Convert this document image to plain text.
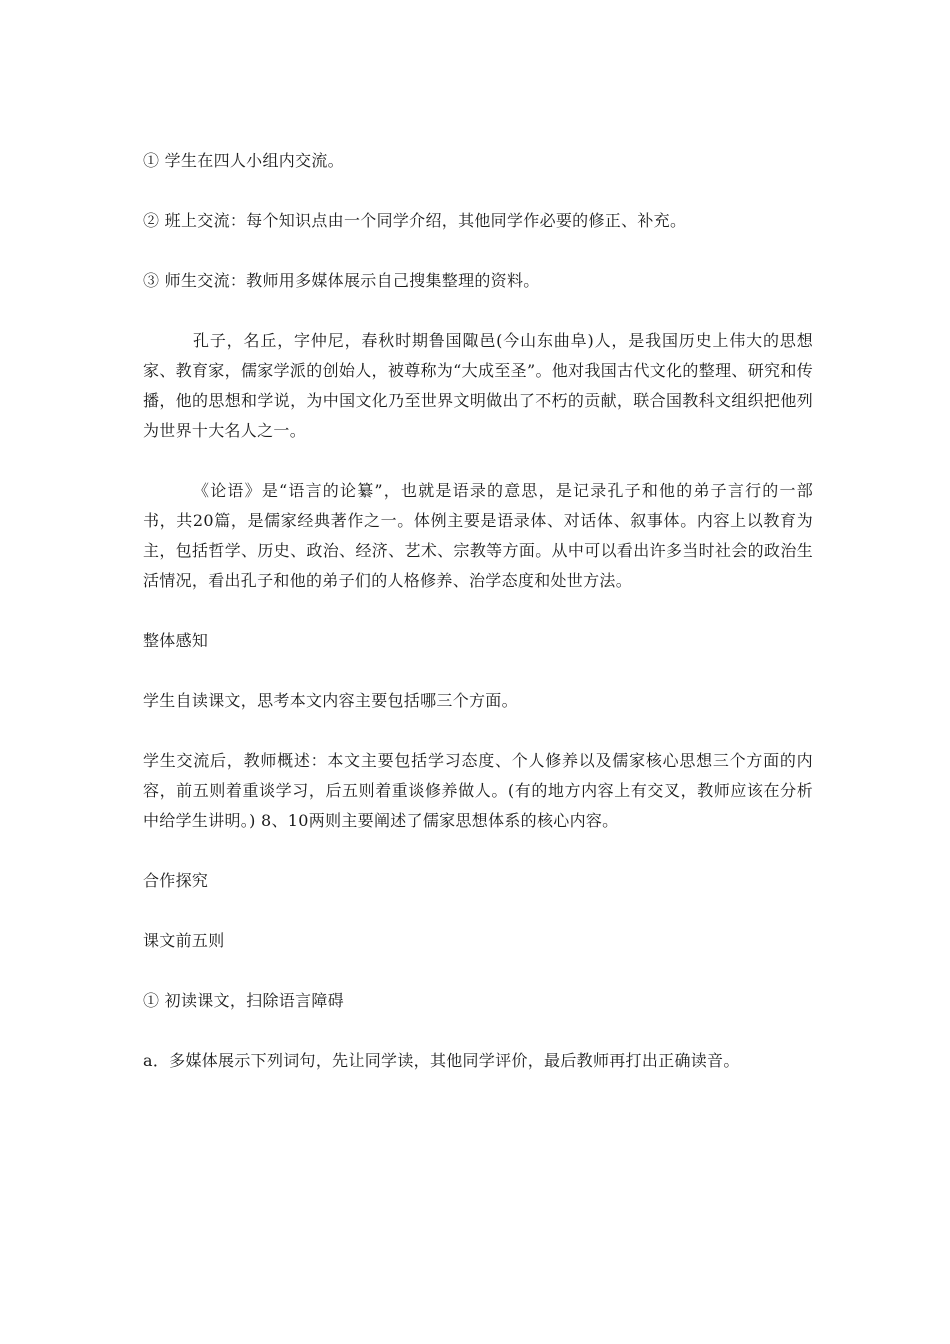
① 学生在四人小组内交流。

② 班上交流：每个知识点由一个同学介绍，其他同学作必要的修正、补充。

③ 师生交流：教师用多媒体展示自己搜集整理的资料。

孔子，名丘，字仲尼，春秋时期鲁国陬邑(今山东曲阜)人，是我国历史上伟大的思想家、教育家，儒家学派的创始人，被尊称为“大成至圣”。他对我国古代文化的整理、研究和传播，他的思想和学说，为中国文化乃至世界文明做出了不朽的贡献，联合国教科文组织把他列为世界十大名人之一。

《论语》是“语言的论纂”，也就是语录的意思，是记录孔子和他的弟子言行的一部书，共20篇，是儒家经典著作之一。体例主要是语录体、对话体、叙事体。内容上以教育为主，包括哲学、历史、政治、经济、艺术、宗教等方面。从中可以看出许多当时社会的政治生活情况，看出孔子和他的弟子们的人格修养、治学态度和处世方法。

整体感知

学生自读课文，思考本文内容主要包括哪三个方面。

学生交流后，教师概述：本文主要包括学习态度、个人修养以及儒家核心思想三个方面的内容，前五则着重谈学习，后五则着重谈修养做人。(有的地方内容上有交叉，教师应该在分析中给学生讲明。) 8、10两则主要阐述了儒家思想体系的核心内容。

合作探究

课文前五则

① 初读课文，扫除语言障碍

a．多媒体展示下列词句，先让同学读，其他同学评价，最后教师再打出正确读音。
